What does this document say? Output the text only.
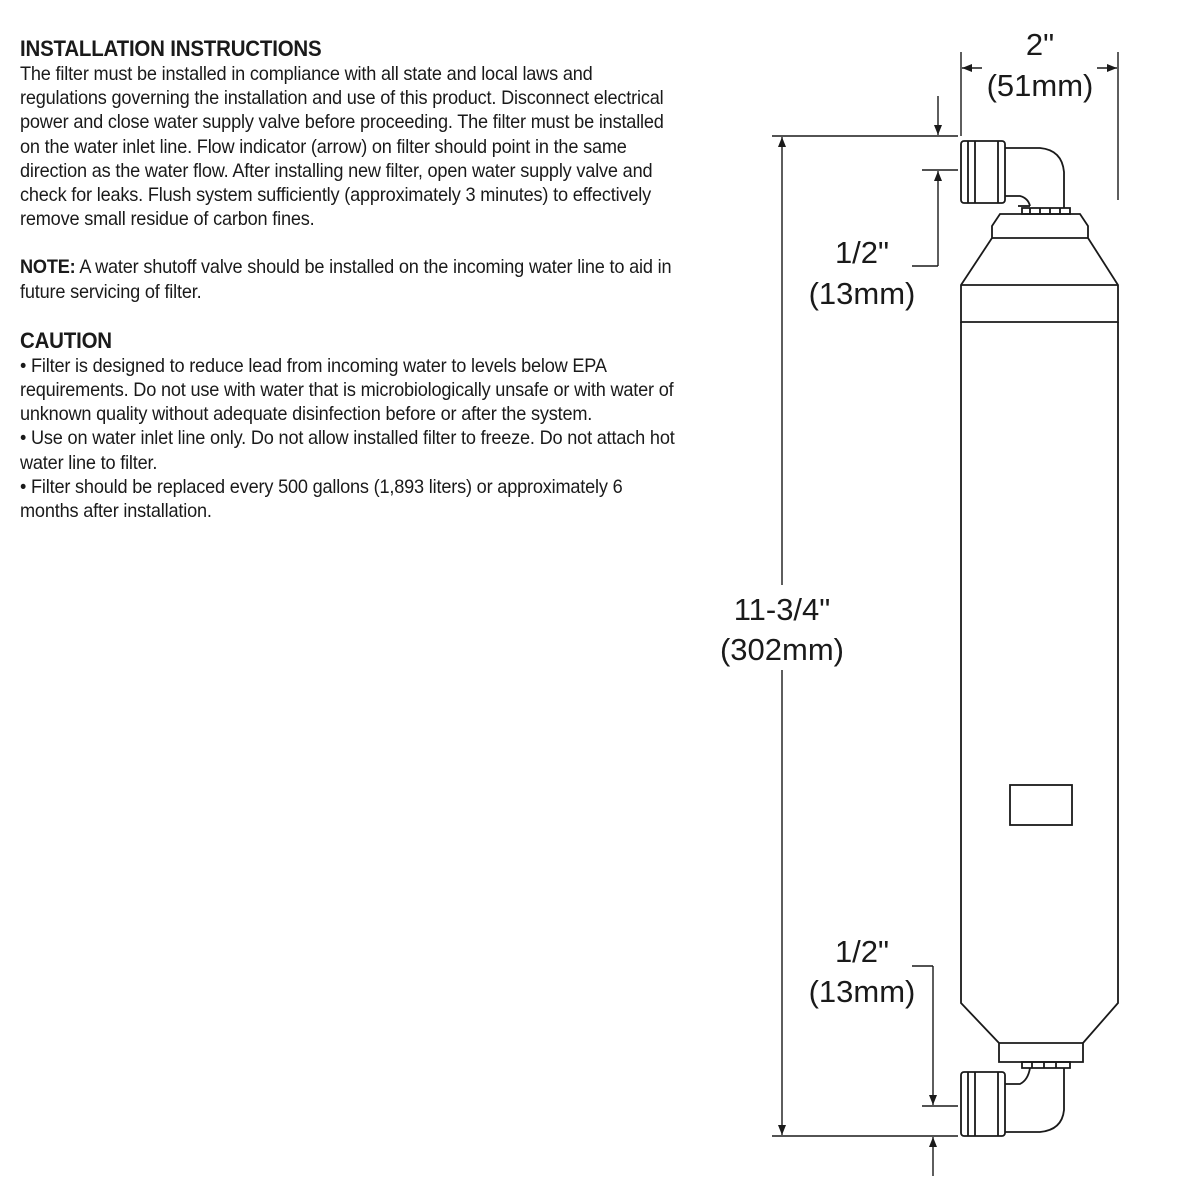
INSTALLATION INSTRUCTIONS

The filter must be installed in compliance with all state and local laws and regulations governing the installation and use of this product. Disconnect electrical power and close water supply valve before proceeding. The filter must be installed on the water inlet line. Flow indicator (arrow) on filter should point in the same direction as the water flow. After installing new filter, open water supply valve and check for leaks. Flush system sufficiently (approximately 3 minutes) to effectively remove small residue of carbon fines.

NOTE: A water shutoff valve should be installed on the incoming water line to aid in future servicing of filter.

CAUTION

• Filter is designed to reduce lead from incoming water to levels below EPA requirements. Do not use with water that is microbiologically unsafe or with water of unknown quality without adequate disinfection before or after the system.

• Use on water inlet line only. Do not allow installed filter to freeze. Do not attach hot water line to filter.

• Filter should be replaced every 500 gallons (1,893 liters) or approximately 6 months after installation.

2"
(51mm)
1/2"
(13mm)
11-3/4"
(302mm)
1/2"
(13mm)
